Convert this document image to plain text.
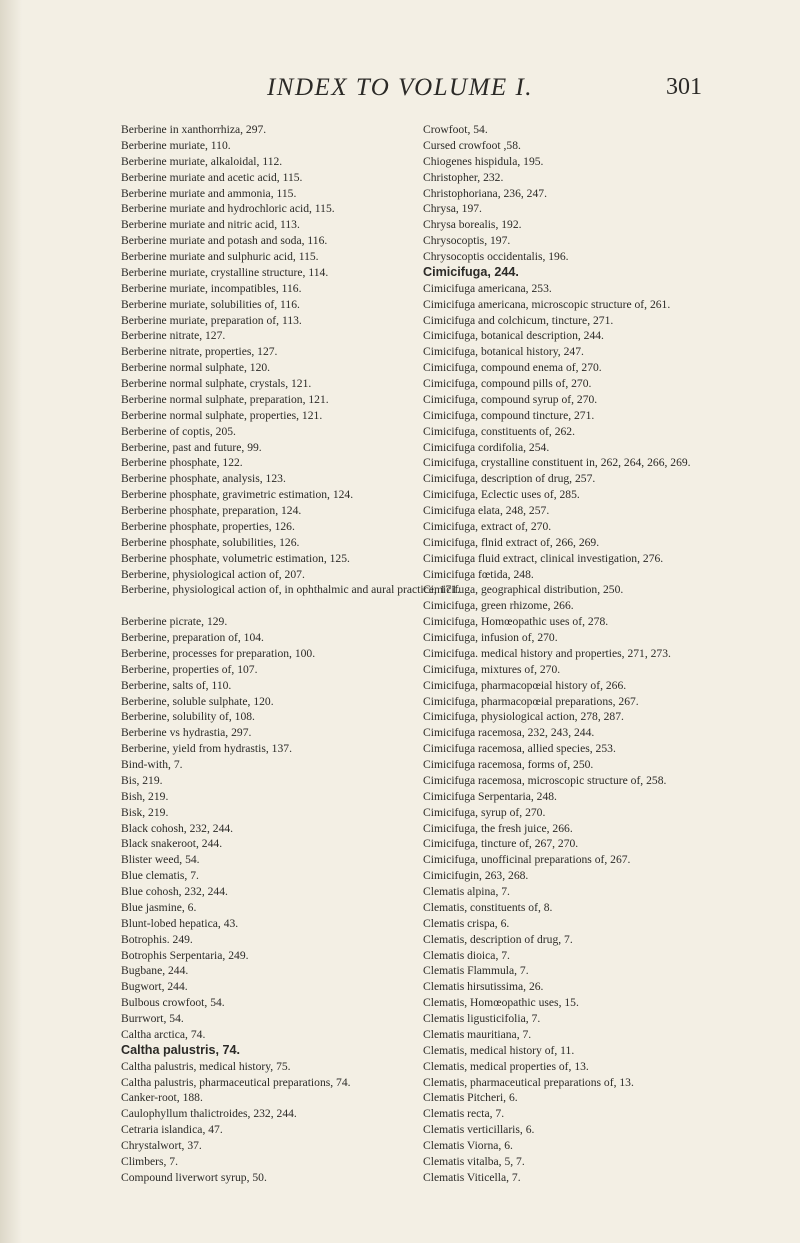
INDEX TO VOLUME I.	301
Berberine in xanthorrhiza, 297.
Berberine muriate, 110.
Berberine muriate, alkaloidal, 112.
Berberine muriate and acetic acid, 115.
Berberine muriate and ammonia, 115.
Berberine muriate and hydrochloric acid, 115.
Berberine muriate and nitric acid, 113.
Berberine muriate and potash and soda, 116.
Berberine muriate and sulphuric acid, 115.
Berberine muriate, crystalline structure, 114.
Berberine muriate, incompatibles, 116.
Berberine muriate, solubilities of, 116.
Berberine muriate, preparation of, 113.
Berberine nitrate, 127.
Berberine nitrate, properties, 127.
Berberine normal sulphate, 120.
Berberine normal sulphate, crystals, 121.
Berberine normal sulphate, preparation, 121.
Berberine normal sulphate, properties, 121.
Berberine of coptis, 205.
Berberine, past and future, 99.
Berberine phosphate, 122.
Berberine phosphate, analysis, 123.
Berberine phosphate, gravimetric estimation, 124.
Berberine phosphate, preparation, 124.
Berberine phosphate, properties, 126.
Berberine phosphate, solubilities, 126.
Berberine phosphate, volumetric estimation, 125.
Berberine, physiological action of, 207.
Berberine, physiological action of, in ophthalmic and aural practice, 171.
Berberine picrate, 129.
Berberine, preparation of, 104.
Berberine, processes for preparation, 100.
Berberine, properties of, 107.
Berberine, salts of, 110.
Berberine, soluble sulphate, 120.
Berberine, solubility of, 108.
Berberine vs hydrastia, 297.
Berberine, yield from hydrastis, 137.
Bind-with, 7.
Bis, 219.
Bish, 219.
Bisk, 219.
Black cohosh, 232, 244.
Black snakeroot, 244.
Blister weed, 54.
Blue clematis, 7.
Blue cohosh, 232, 244.
Blue jasmine, 6.
Blunt-lobed hepatica, 43.
Botrophis. 249.
Botrophis Serpentaria, 249.
Bugbane, 244.
Bugwort, 244.
Bulbous crowfoot, 54.
Burrwort, 54.
Caltha arctica, 74.
Caltha palustris, 74.
Caltha palustris, medical history, 75.
Caltha palustris, pharmaceutical preparations, 74.
Canker-root, 188.
Caulophyllum thalictroides, 232, 244.
Cetraria islandica, 47.
Chrystalwort, 37.
Climbers, 7.
Compound liverwort syrup, 50.
Crowfoot, 54.
Cursed crowfoot ,58.
Chiogenes hispidula, 195.
Christopher, 232.
Christophoriana, 236, 247.
Chrysa, 197.
Chrysa borealis, 192.
Chrysocoptis, 197.
Chrysocoptis occidentalis, 196.
Cimicifuga, 244.
Cimicifuga americana, 253.
Cimicifuga americana, microscopic structure of, 261.
Cimicifuga and colchicum, tincture, 271.
Cimicifuga, botanical description, 244.
Cimicifuga, botanical history, 247.
Cimicifuga, compound enema of, 270.
Cimicifuga, compound pills of, 270.
Cimicifuga, compound syrup of, 270.
Cimicifuga, compound tincture, 271.
Cimicifuga, constituents of, 262.
Cimicifuga cordifolia, 254.
Cimicifuga, crystalline constituent in, 262, 264, 266, 269.
Cimicifuga, description of drug, 257.
Cimicifuga, Eclectic uses of, 285.
Cimicifuga elata, 248, 257.
Cimicifuga, extract of, 270.
Cimicifuga, flnid extract of, 266, 269.
Cimicifuga fluid extract, clinical investigation, 276.
Cimicifuga fœtida, 248.
Cimicifuga, geographical distribution, 250.
Cimicifuga, green rhizome, 266.
Cimicifuga, Homœopathic uses of, 278.
Cimicifuga, infusion of, 270.
Cimicifuga. medical history and properties, 271, 273.
Cimicifuga, mixtures of, 270.
Cimicifuga, pharmacopœial history of, 266.
Cimicifuga, pharmacopœial preparations, 267.
Cimicifuga, physiological action, 278, 287.
Cimicifuga racemosa, 232, 243, 244.
Cimicifuga racemosa, allied species, 253.
Cimicifuga racemosa, forms of, 250.
Cimicifuga racemosa, microscopic structure of, 258.
Cimicifuga Serpentaria, 248.
Cimicifuga, syrup of, 270.
Cimicifuga, the fresh juice, 266.
Cimicifuga, tincture of, 267, 270.
Cimicifuga, unofficinal preparations of, 267.
Cimicifugin, 263, 268.
Clematis alpina, 7.
Clematis, constituents of, 8.
Clematis crispa, 6.
Clematis, description of drug, 7.
Clematis dioica, 7.
Clematis Flammula, 7.
Clematis hirsutissima, 26.
Clematis, Homœopathic uses, 15.
Clematis ligusticifolia, 7.
Clematis mauritiana, 7.
Clematis, medical history of, 11.
Clematis, medical properties of, 13.
Clematis, pharmaceutical preparations of, 13.
Clematis Pitcheri, 6.
Clematis recta, 7.
Clematis verticillaris, 6.
Clematis Viorna, 6.
Clematis vitalba, 5, 7.
Clematis Viticella, 7.
